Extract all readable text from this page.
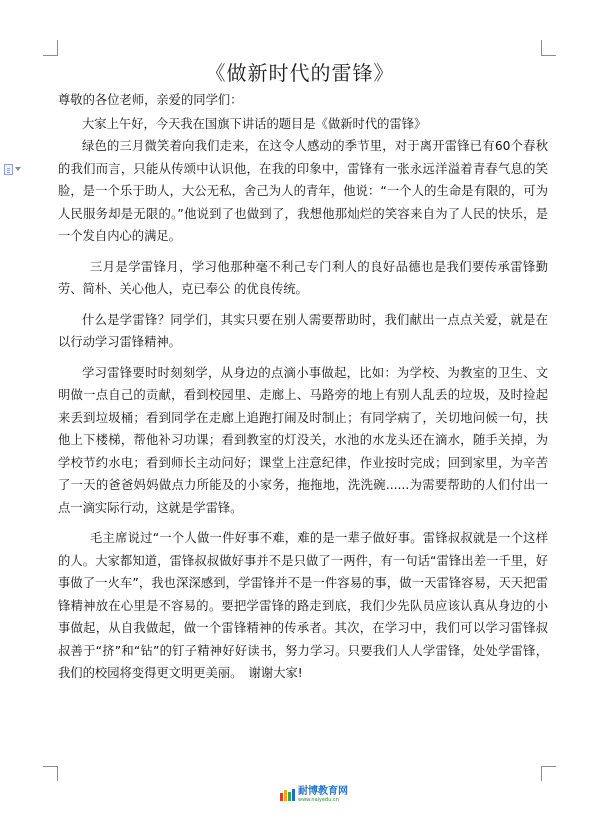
《做新时代的雷锋》

尊敬的各位老师，亲爱的同学们：

大家上午好，今天我在国旗下讲话的题目是《做新时代的雷锋》

绿色的三月微笑着向我们走来，在这令人感动的季节里，对于离开雷锋已有60个春秋的我们而言，只能从传颂中认识他，在我的印象中，雷锋有一张永远洋溢着青春气息的笑脸，是一个乐于助人，大公无私，舍己为人的青年，他说：“一个人的生命是有限的，可为人民服务却是无限的。”他说到了也做到了，我想他那灿烂的笑容来自为了人民的快乐，是一个发自内心的满足。

三月是学雷锋月，学习他那种毫不利己专门利人的良好品德也是我们要传承雷锋勤劳、简朴、关心他人，克已奉公 的优良传统。

什么是学雷锋？同学们，其实只要在别人需要帮助时，我们献出一点点关爱，就是在以行动学习雷锋精神。

学习雷锋要时时刻刻学，从身边的点滴小事做起，比如：为学校、为教室的卫生、文明做一点自己的贡献，看到校园里、走廊上、马路旁的地上有别人乱丢的垃圾，及时捡起来丢到垃圾桶；看到同学在走廊上追跑打闹及时制止；有同学病了，关切地问候一句，扶他上下楼梯，帮他补习功课；看到教室的灯没关，水池的水龙头还在滴水，随手关掉，为学校节约水电；看到师长主动问好；课堂上注意纪律，作业按时完成；回到家里，为辛苦了一天的爸爸妈妈做点力所能及的小家务，拖拖地，洗洗碗......为需要帮助的人们付出一点一滴实际行动，这就是学雷锋。

毛主席说过“一个人做一件好事不难，难的是一辈子做好事。雷锋叔叔就是一个这样的人。大家都知道，雷锋叔叔做好事并不是只做了一两件，有一句话“雷锋出差一千里，好事做了一火车”，我也深深感到，学雷锋并不是一件容易的事，做一天雷锋容易，天天把雷锋精神放在心里是不容易的。要把学雷锋的路走到底，我们少先队员应该认真从身边的小事做起，从自我做起，做一个雷锋精神的传承者。其次，在学习中，我们可以学习雷锋叔叔善于“挤”和“钻”的钉子精神好好读书，努力学习。只要我们人人学雷锋，处处学雷锋，我们的校园将变得更文明更美丽。　谢谢大家!

耐博教育网
www.naiyedu.cn
